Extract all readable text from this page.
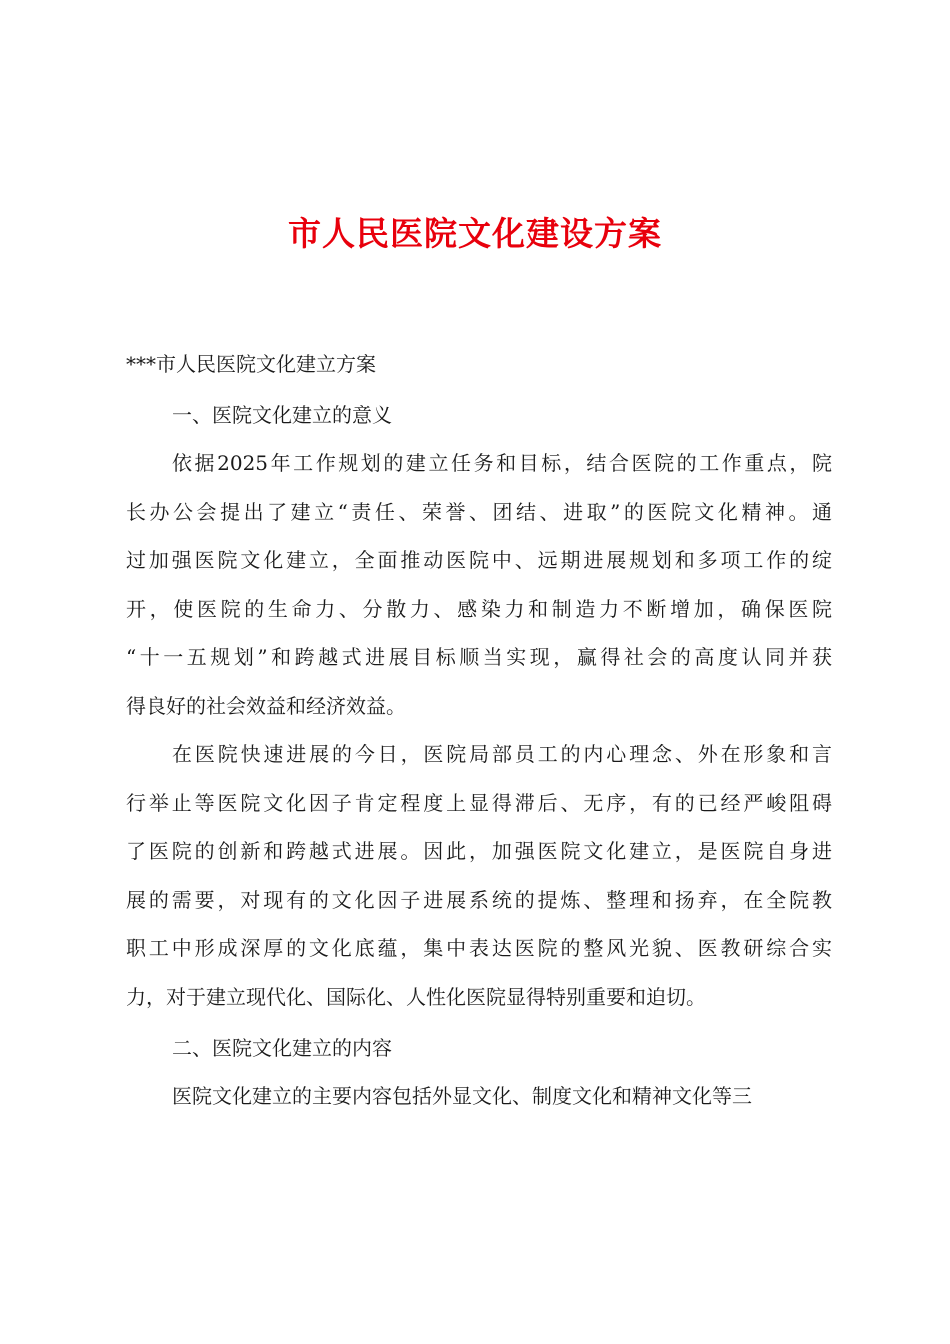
市人民医院文化建设方案

***市人民医院文化建立方案

一、医院文化建立的意义

依据2025年工作规划的建立任务和目标，结合医院的工作重点，院
长办公会提出了建立“责任、荣誉、团结、进取”的医院文化精神。通
过加强医院文化建立，全面推动医院中、远期进展规划和多项工作的绽
开，使医院的生命力、分散力、感染力和制造力不断增加，确保医院
“十一五规划”和跨越式进展目标顺当实现，赢得社会的高度认同并获
得良好的社会效益和经济效益。
在医院快速进展的今日，医院局部员工的内心理念、外在形象和言
行举止等医院文化因子肯定程度上显得滞后、无序，有的已经严峻阻碍
了医院的创新和跨越式进展。因此，加强医院文化建立，是医院自身进
展的需要，对现有的文化因子进展系统的提炼、整理和扬弃，在全院教
职工中形成深厚的文化底蕴，集中表达医院的整风光貌、医教研综合实
力，对于建立现代化、国际化、人性化医院显得特别重要和迫切。

二、医院文化建立的内容

医院文化建立的主要内容包括外显文化、制度文化和精神文化等三
